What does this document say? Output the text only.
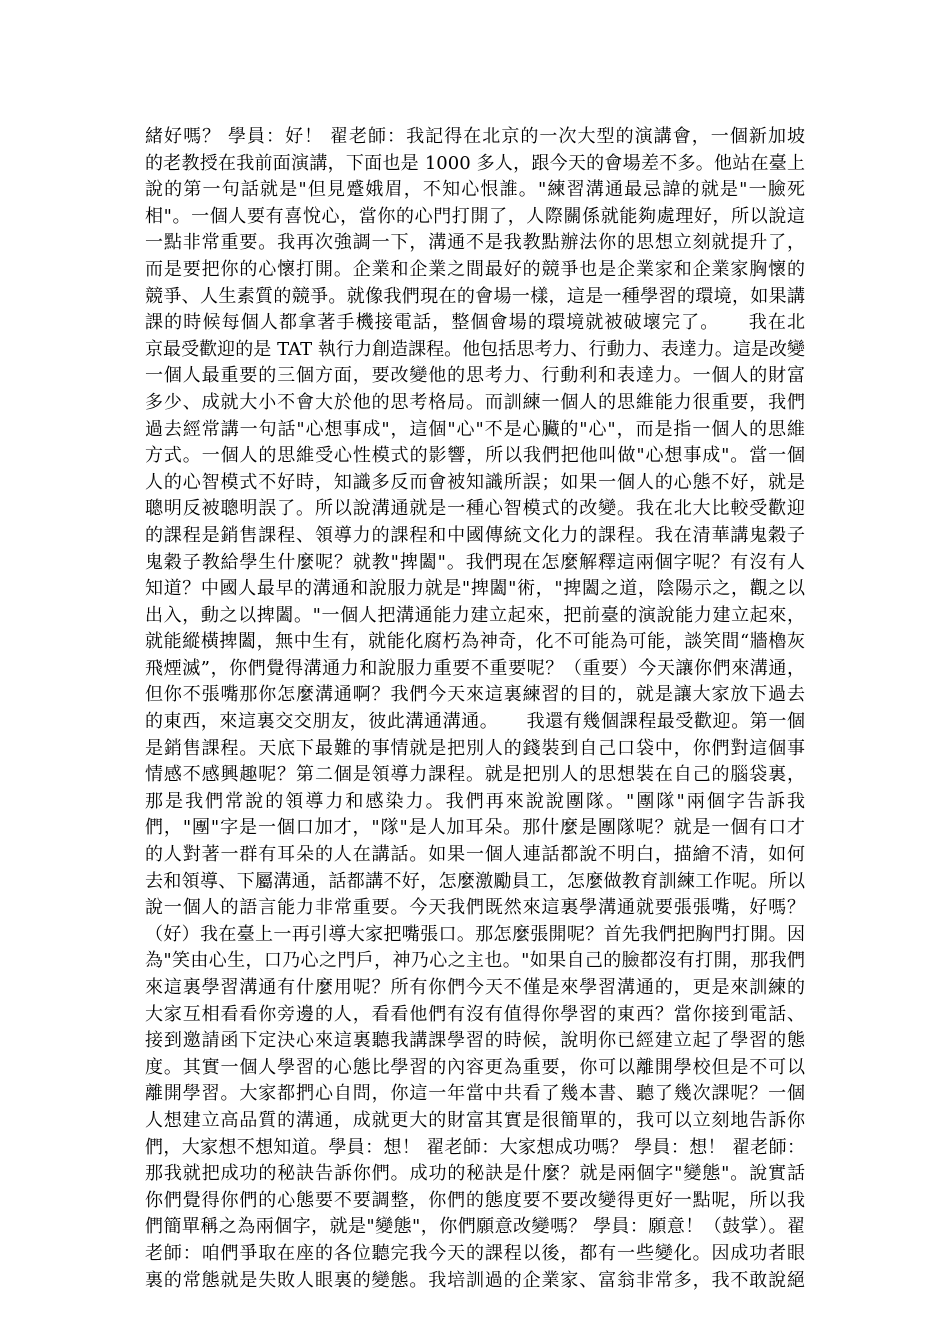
緒好嗎？ 學員：好！ 翟老師：我記得在北京的一次大型的演講會，一個新加坡
的老教授在我前面演講，下面也是 1000 多人，跟今天的會場差不多。他站在臺上
說的第一句話就是"但見蹙娥眉，不知心恨誰。"練習溝通最忌諱的就是"一臉死
相"。一個人要有喜悅心，當你的心門打開了，人際關係就能夠處理好，所以說這
一點非常重要。我再次強調一下，溝通不是我教點辦法你的思想立刻就提升了，
而是要把你的心懷打開。企業和企業之間最好的競爭也是企業家和企業家胸懷的
競爭、人生素質的競爭。就像我們現在的會場一樣，這是一種學習的環境，如果講
課的時候每個人都拿著手機接電話，整個會場的環境就被破壞完了。　　我在北
京最受歡迎的是 TAT 執行力創造課程。他包括思考力、行動力、表達力。這是改變
一個人最重要的三個方面，要改變他的思考力、行動利和表達力。一個人的財富
多少、成就大小不會大於他的思考格局。而訓練一個人的思維能力很重要，我們
過去經常講一句話"心想事成"，這個"心"不是心臟的"心"，而是指一個人的思維
方式。一個人的思維受心性模式的影響，所以我們把他叫做"心想事成"。當一個
人的心智模式不好時，知識多反而會被知識所誤；如果一個人的心態不好，就是
聰明反被聰明誤了。所以說溝通就是一種心智模式的改變。我在北大比較受歡迎
的課程是銷售課程、領導力的課程和中國傳統文化力的課程。我在清華講鬼穀子
鬼穀子教給學生什麼呢？就教"捭闔"。我們現在怎麼解釋這兩個字呢？有沒有人
知道？中國人最早的溝通和說服力就是"捭闔"術，"捭闔之道，陰陽示之，觀之以
出入，動之以捭闔。"一個人把溝通能力建立起來，把前臺的演說能力建立起來，
就能縱橫捭闔，無中生有，就能化腐朽為神奇，化不可能為可能，談笑間“牆櫓灰
飛煙滅”，你們覺得溝通力和說服力重要不重要呢？（重要）今天讓你們來溝通，
但你不張嘴那你怎麼溝通啊？我們今天來這裏練習的目的，就是讓大家放下過去
的東西，來這裏交交朋友，彼此溝通溝通。　　我還有幾個課程最受歡迎。第一個
是銷售課程。天底下最難的事情就是把別人的錢裝到自己口袋中，你們對這個事
情感不感興趣呢？第二個是領導力課程。就是把別人的思想裝在自己的腦袋裏，
那是我們常說的領導力和感染力。我們再來說說團隊。"團隊"兩個字告訴我
們，"團"字是一個口加才，"隊"是人加耳朵。那什麼是團隊呢？就是一個有口才
的人對著一群有耳朵的人在講話。如果一個人連話都說不明白，描繪不清，如何
去和領導、下屬溝通，話都講不好，怎麼激勵員工，怎麼做教育訓練工作呢。所以
說一個人的語言能力非常重要。今天我們既然來這裏學溝通就要張張嘴，好嗎？
（好）我在臺上一再引導大家把嘴張口。那怎麼張開呢？首先我們把胸門打開。因
為"笑由心生，口乃心之門戶，神乃心之主也。"如果自己的臉都沒有打開，那我們
來這裏學習溝通有什麼用呢？所有你們今天不僅是來學習溝通的，更是來訓練的
大家互相看看你旁邊的人，看看他們有沒有值得你學習的東西？當你接到電話、
接到邀請函下定決心來這裏聽我講課學習的時候，說明你已經建立起了學習的態
度。其實一個人學習的心態比學習的內容更為重要，你可以離開學校但是不可以
離開學習。大家都捫心自問，你這一年當中共看了幾本書、聽了幾次課呢？一個
人想建立高品質的溝通，成就更大的財富其實是很簡單的，我可以立刻地告訴你
們，大家想不想知道。學員：想！ 翟老師：大家想成功嗎？ 學員：想！ 翟老師：
那我就把成功的秘訣告訴你們。成功的秘訣是什麼？就是兩個字"變態"。說實話
你們覺得你們的心態要不要調整，你們的態度要不要改變得更好一點呢，所以我
們簡單稱之為兩個字，就是"變態"，你們願意改變嗎？ 學員：願意！（鼓掌）。翟
老師：咱們爭取在座的各位聽完我今天的課程以後，都有一些變化。因成功者眼
裏的常態就是失敗人眼裏的變態。我培訓過的企業家、富翁非常多，我不敢說絕
